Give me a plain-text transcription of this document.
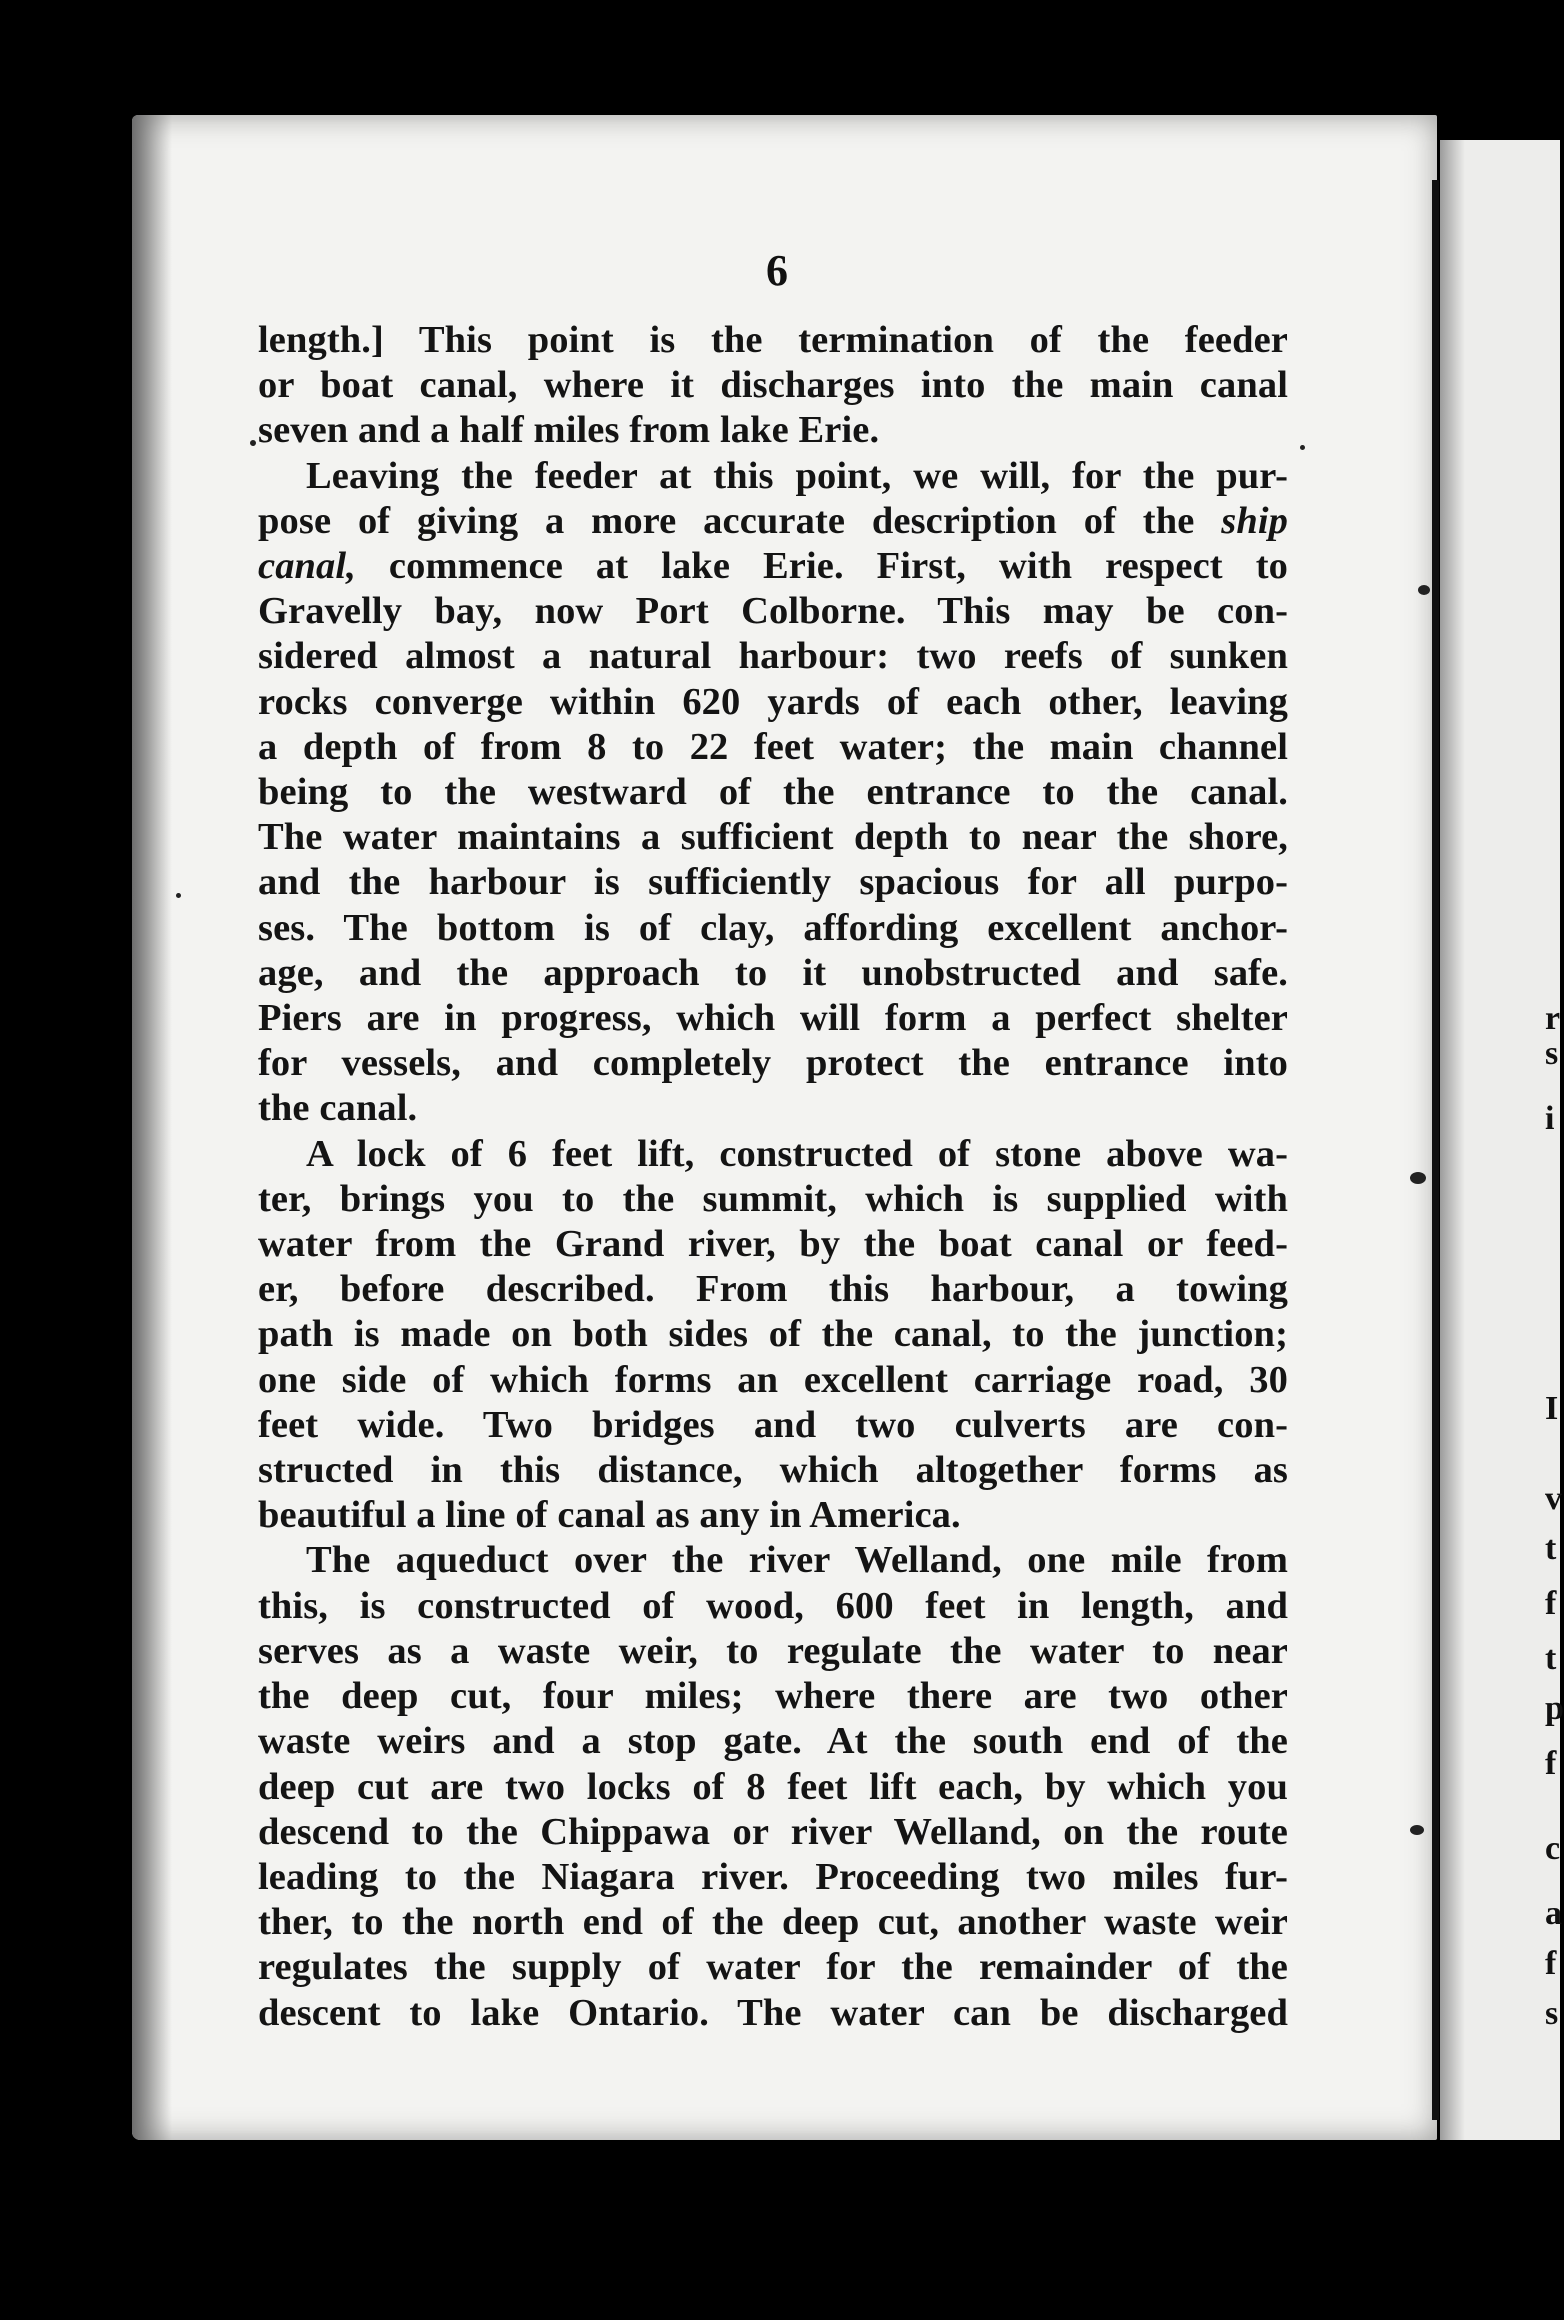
r
s
i
I
v
t
f
t
p
f
c
a
f
s
6
length.] This point is the termination of the feeder
or boat canal, where it discharges into the main canal
seven and a half miles from lake Erie.
Leaving the feeder at this point, we will, for the pur-
pose of giving a more accurate description of the ship
canal, commence at lake Erie. First, with respect to
Gravelly bay, now Port Colborne. This may be con-
sidered almost a natural harbour: two reefs of sunken
rocks converge within 620 yards of each other, leaving
a depth of from 8 to 22 feet water; the main channel
being to the westward of the entrance to the canal.
The water maintains a sufficient depth to near the shore,
and the harbour is sufficiently spacious for all purpo-
ses. The bottom is of clay, affording excellent anchor-
age, and the approach to it unobstructed and safe.
Piers are in progress, which will form a perfect shelter
for vessels, and completely protect the entrance into
the canal.
A lock of 6 feet lift, constructed of stone above wa-
ter, brings you to the summit, which is supplied with
water from the Grand river, by the boat canal or feed-
er, before described. From this harbour, a towing
path is made on both sides of the canal, to the junction;
one side of which forms an excellent carriage road, 30
feet wide. Two bridges and two culverts are con-
structed in this distance, which altogether forms as
beautiful a line of canal as any in America.
The aqueduct over the river Welland, one mile from
this, is constructed of wood, 600 feet in length, and
serves as a waste weir, to regulate the water to near
the deep cut, four miles; where there are two other
waste weirs and a stop gate. At the south end of the
deep cut are two locks of 8 feet lift each, by which you
descend to the Chippawa or river Welland, on the route
leading to the Niagara river. Proceeding two miles fur-
ther, to the north end of the deep cut, another waste weir
regulates the supply of water for the remainder of the
descent to lake Ontario. The water can be discharged
